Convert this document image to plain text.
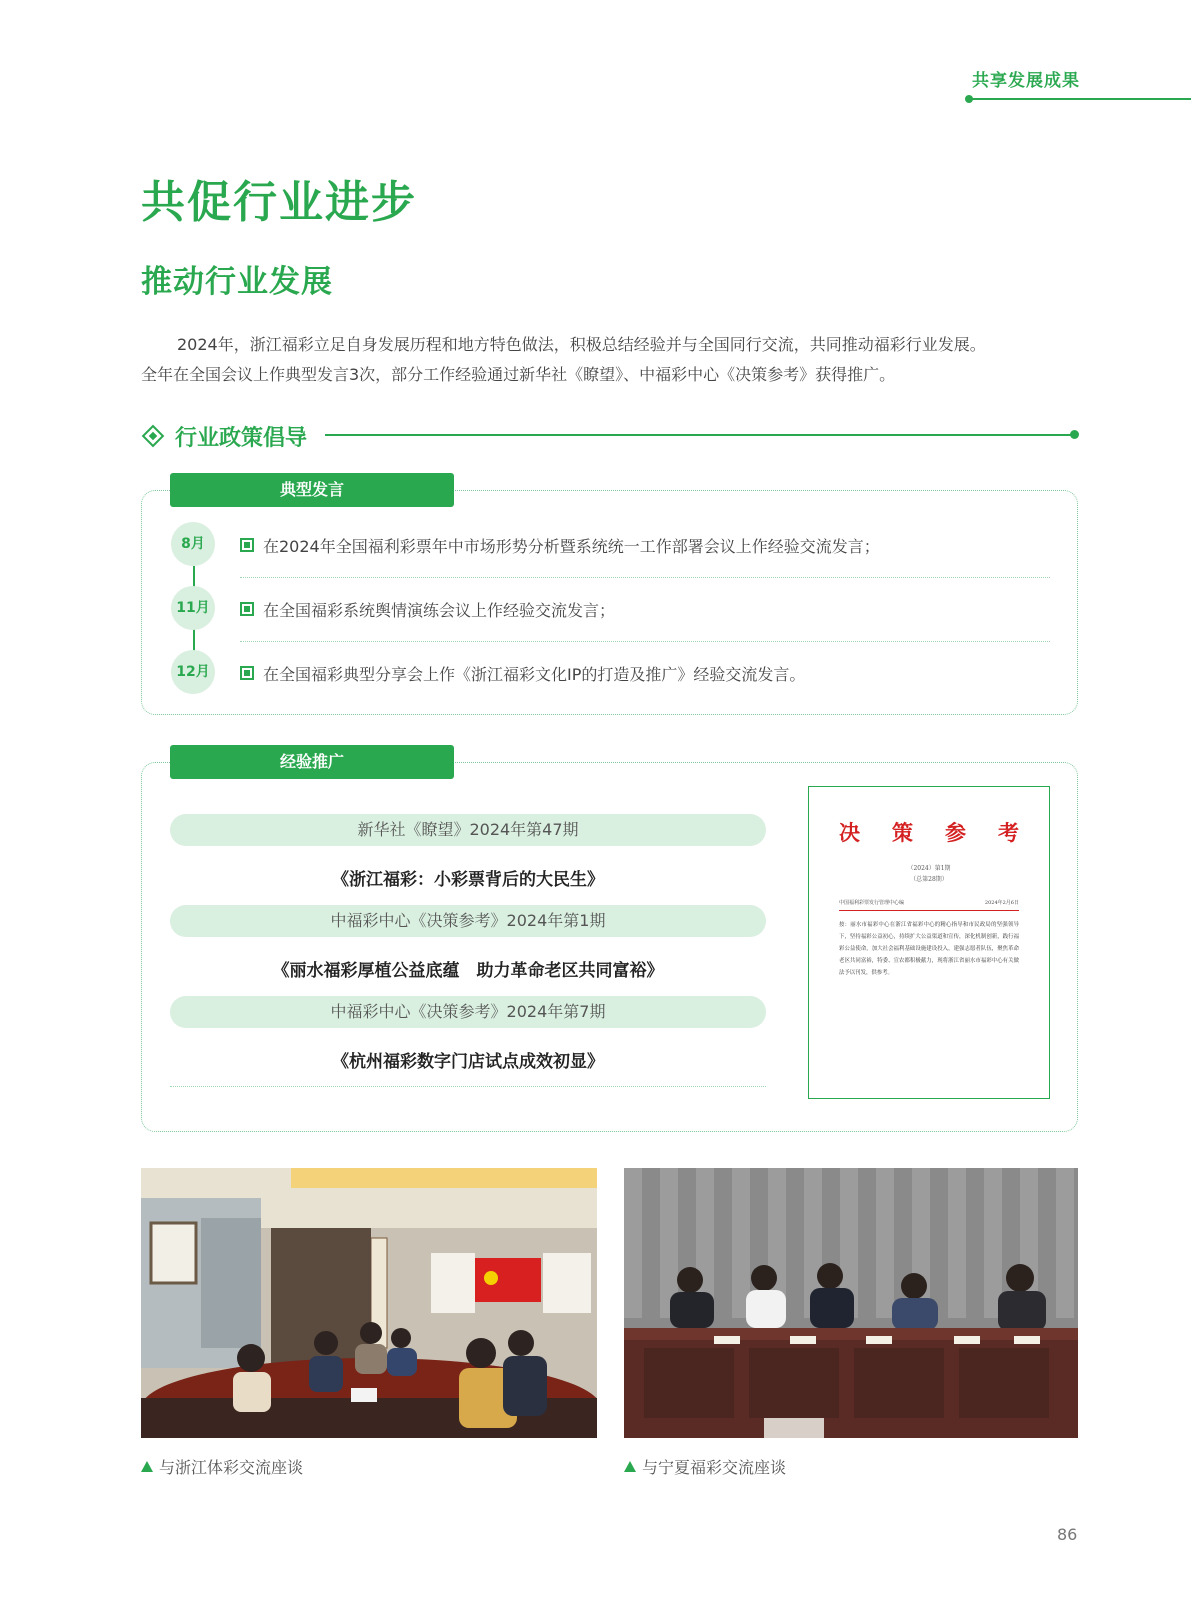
共享发展成果
共促行业进步
推动行业发展

2024年，浙江福彩立足自身发展历程和地方特色做法，积极总结经验并与全国同行交流，共同推动福彩行业发展。

全年在全国会议上作典型发言3次，部分工作经验通过新华社《瞭望》、中福彩中心《决策参考》获得推广。

行业政策倡导
典型发言
8月
11月
12月
在2024年全国福利彩票年中市场形势分析暨系统统一工作部署会议上作经验交流发言；
在全国福彩系统舆情演练会议上作经验交流发言；
在全国福彩典型分享会上作《浙江福彩文化IP的打造及推广》经验交流发言。
经验推广
新华社《瞭望》2024年第47期
《浙江福彩：小彩票背后的大民生》
中福彩中心《决策参考》2024年第1期
《丽水福彩厚植公益底蕴　助力革命老区共同富裕》
中福彩中心《决策参考》2024年第7期
《杭州福彩数字门店试点成效初显》
决 策 参 考
（2024）第1期
（总第28期）
中国福利彩票发行管理中心编	2024年2月6日
按：丽水市福彩中心在浙江省福彩中心的精心指导和市民政局的坚强领导下，坚持福彩公益初心，持续扩大公益渠道和宣传，深化机制创新，践行福彩公益使命，加大社会福利基础设施建设投入，建强志愿者队伍，聚焦革命老区共同富裕，特委、宣农都积极献力，现将浙江省丽水市福彩中心有关做法予以刊发，供参考。
与浙江体彩交流座谈	与宁夏福彩交流座谈
86
